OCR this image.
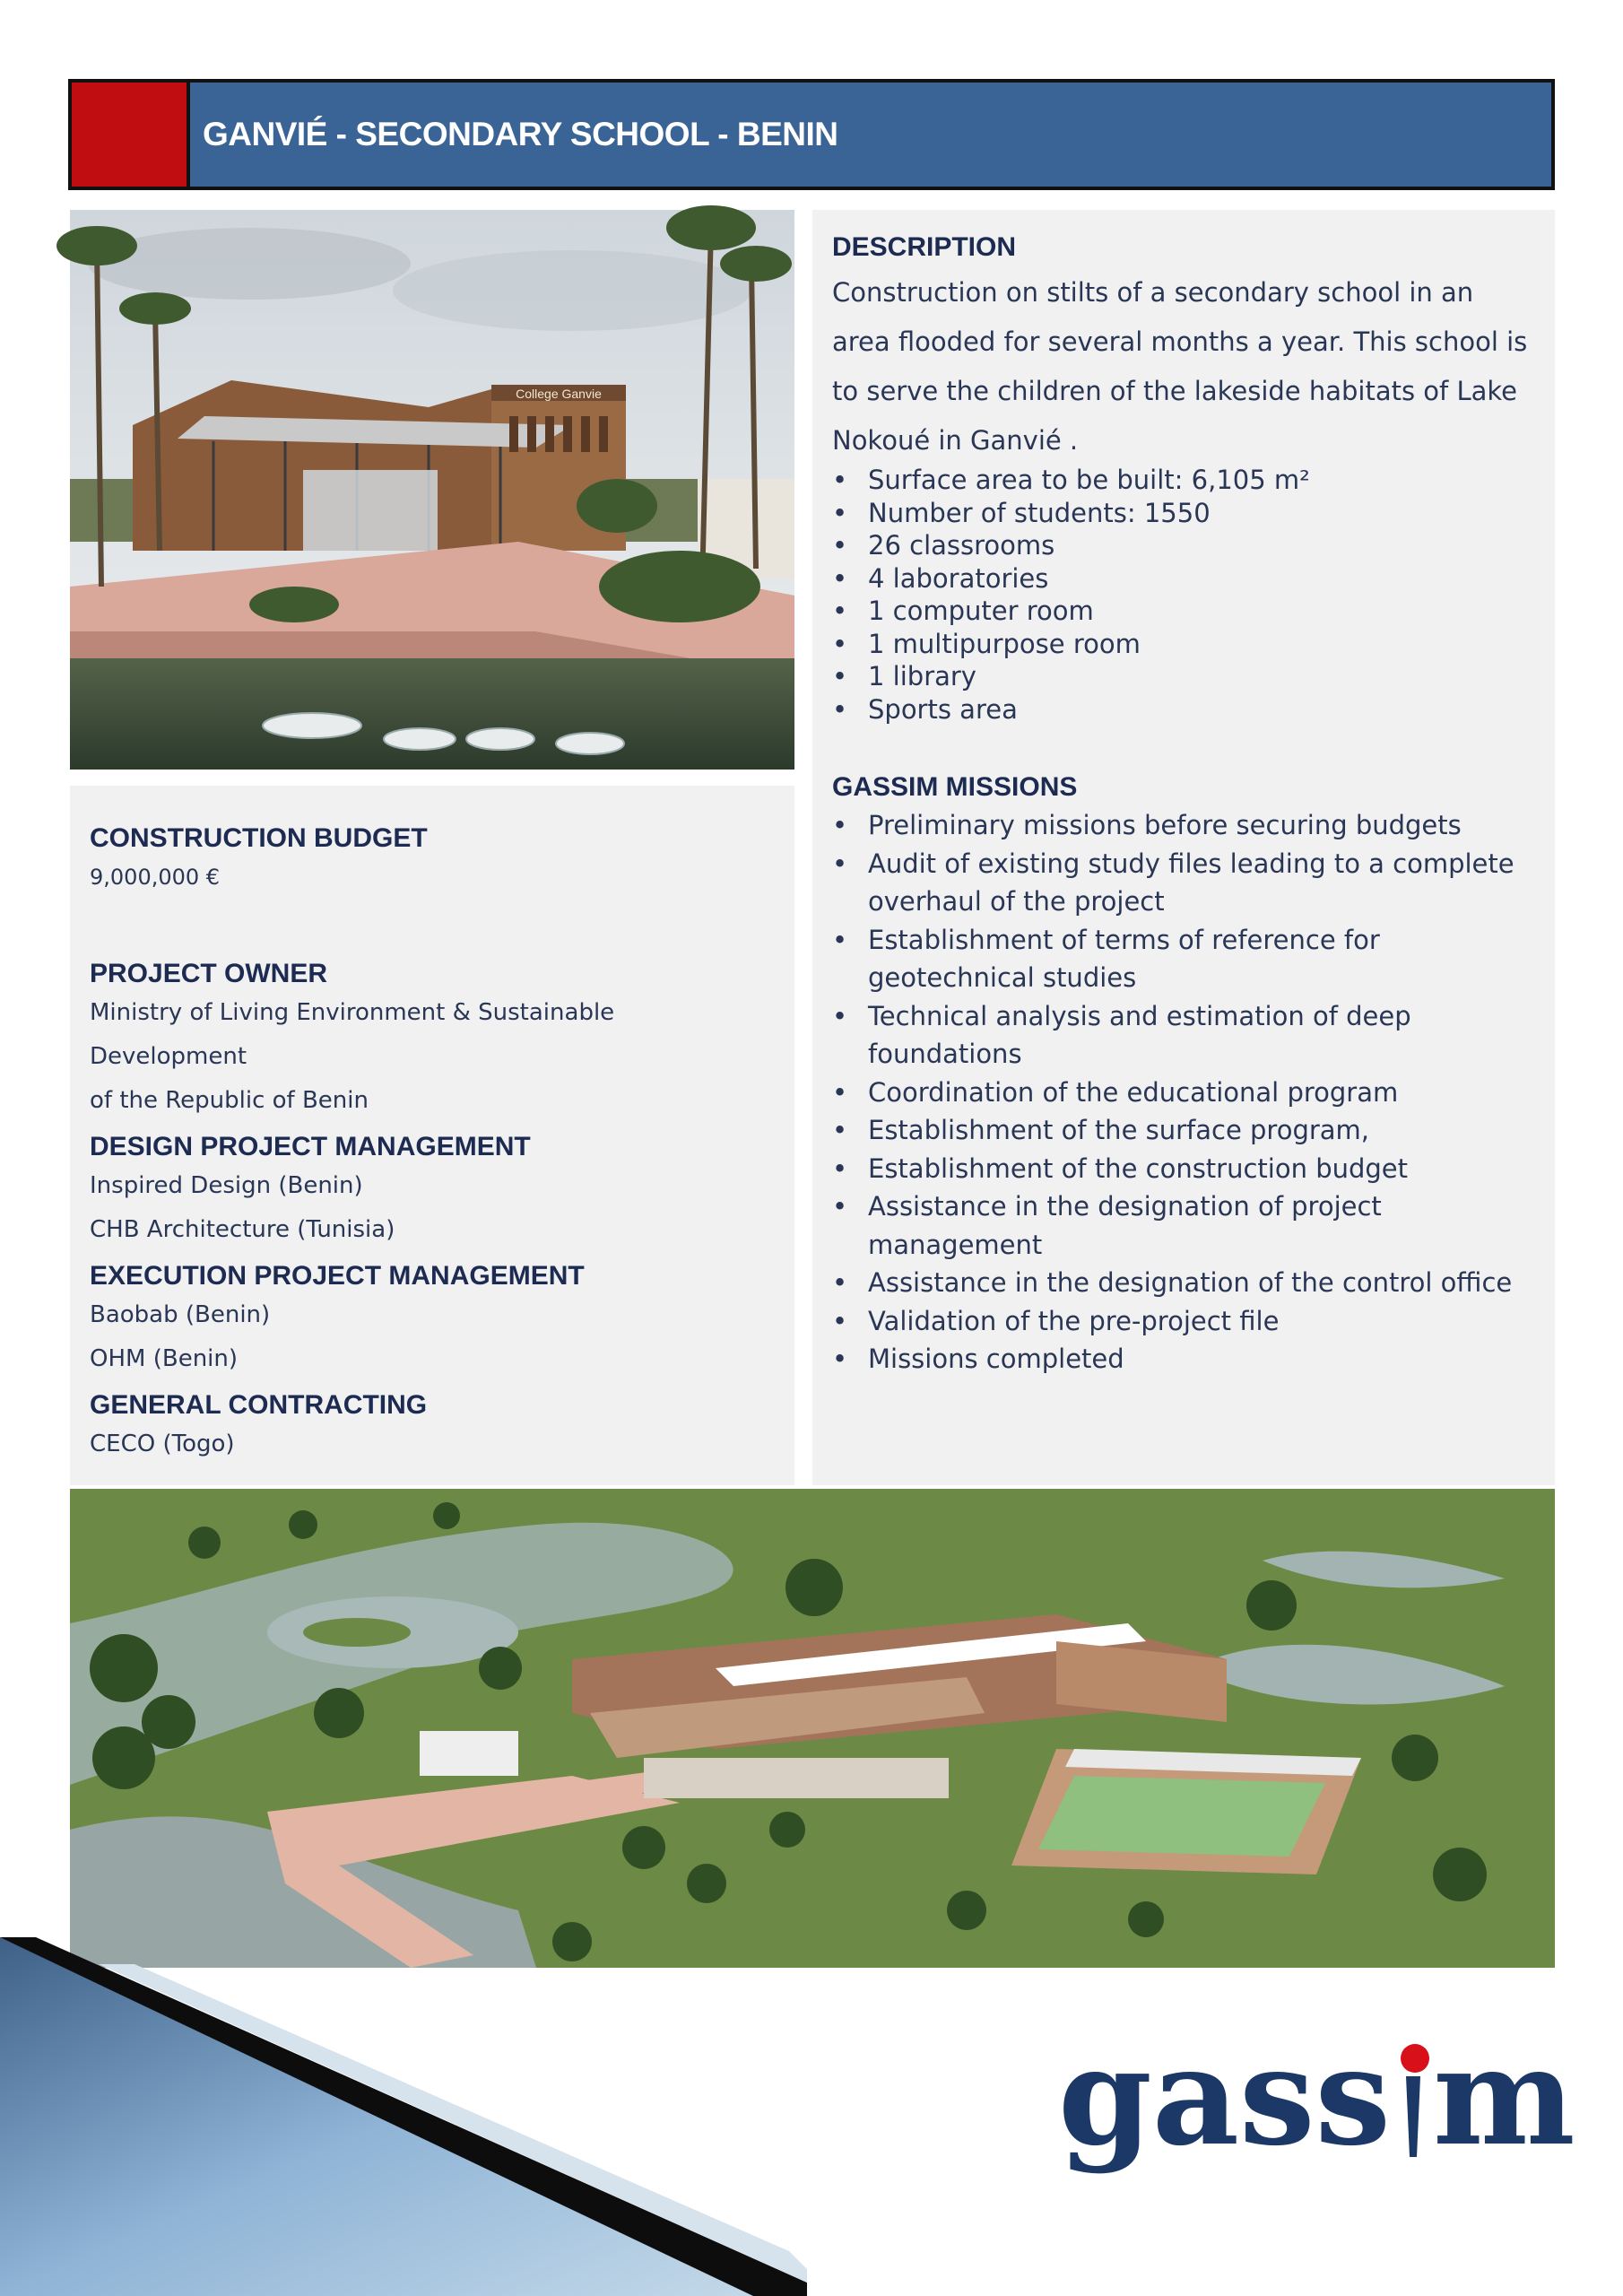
GANVIÉ - SECONDARY SCHOOL - BENIN
College Ganvie
DESCRIPTION

Construction on stilts of a secondary school in an area flooded for several months a year. This school is to serve the children of the lakeside habitats of Lake Nokoué in Ganvié .

• Surface area to be built: 6,105 m²
• Number of students: 1550
• 26 classrooms
• 4 laboratories
• 1 computer room
• 1 multipurpose room
• 1 library
• Sports area
GASSIM MISSIONS
• Preliminary missions before securing budgets
• Audit of existing study files leading to a complete overhaul of the project
• Establishment of terms of reference for geotechnical studies
• Technical analysis and estimation of deep foundations
• Coordination of the educational program
• Establishment of the surface program,
• Establishment of the construction budget
• Assistance in the designation of project management
• Assistance in the designation of the control office
• Validation of the pre-project file
• Missions completed
CONSTRUCTION BUDGET
9,000,000 €
PROJECT OWNER
Ministry of Living Environment & Sustainable Development
of the Republic of Benin
DESIGN PROJECT MANAGEMENT
Inspired Design (Benin)
CHB Architecture (Tunisia)
EXECUTION PROJECT MANAGEMENT
Baobab (Benin)
OHM (Benin)
GENERAL CONTRACTING
CECO (Togo)
gass m
